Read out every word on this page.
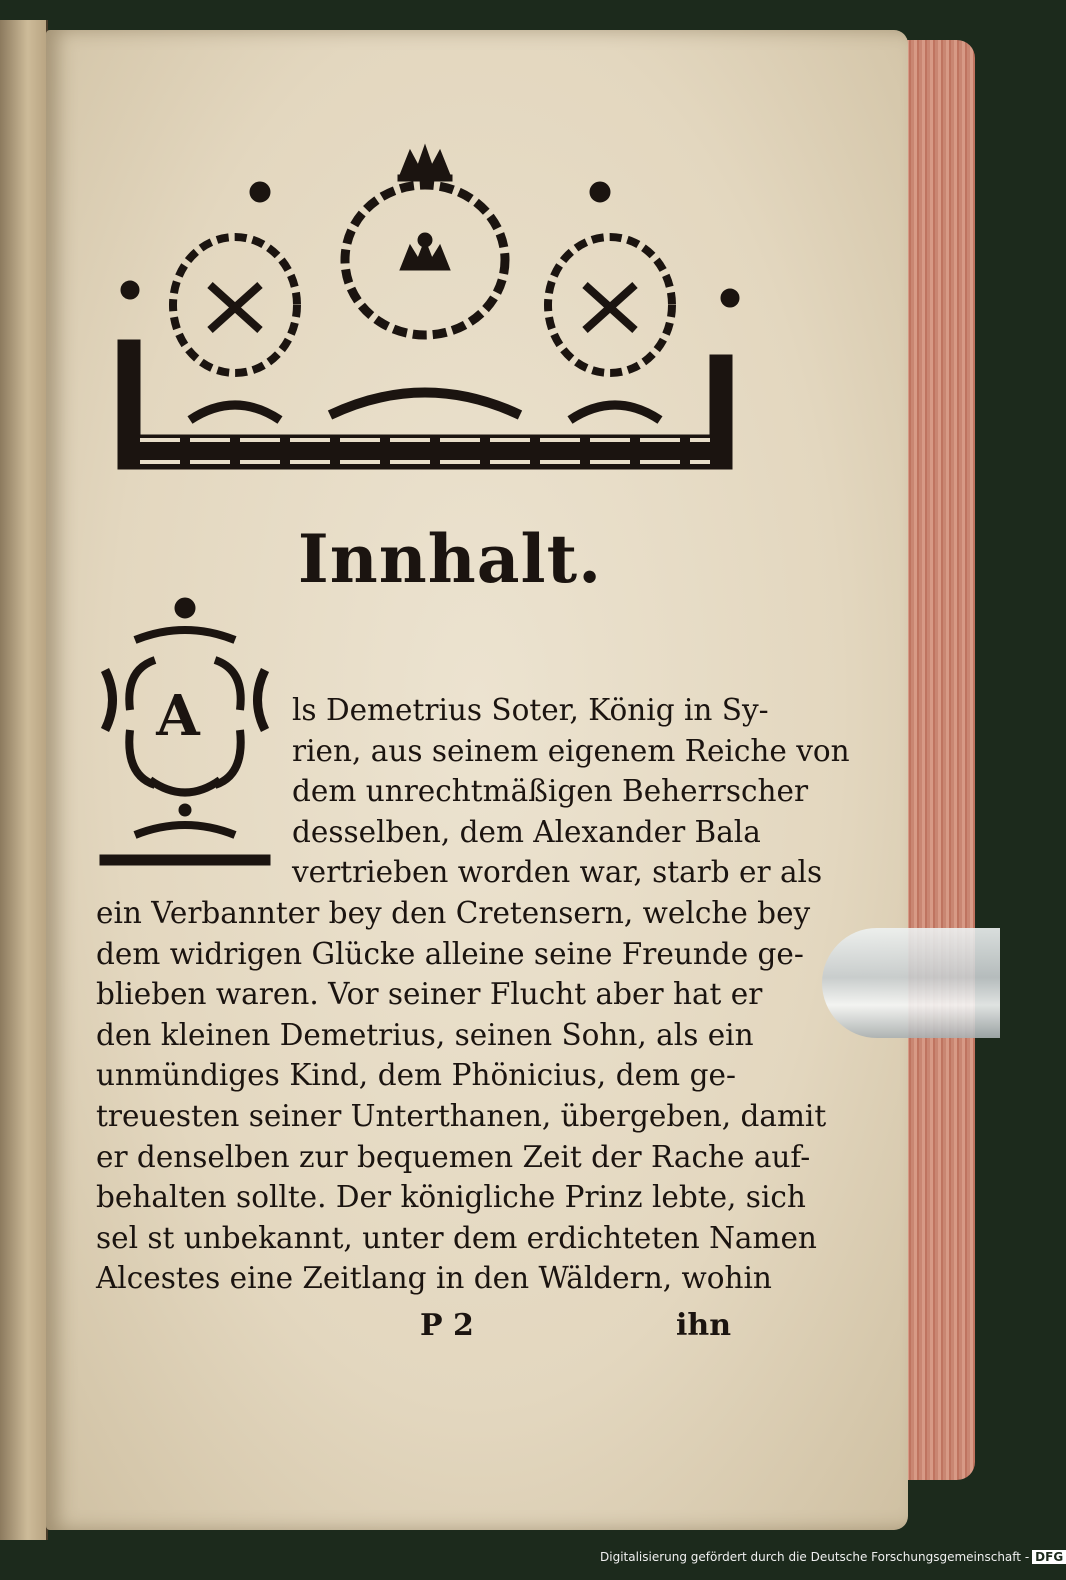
Innhalt.
A	ls Demetrius Soter, König in Sy-
rien, aus seinem eigenem Reiche von
dem unrechtmäßigen Beherrscher
desselben, dem Alexander Bala
vertrieben worden war, starb er als
ein Verbannter bey den Cretensern, welche bey
dem widrigen Glücke alleine seine Freunde ge-
blieben waren. Vor seiner Flucht aber hat er
den kleinen Demetrius, seinen Sohn, als ein
unmündiges Kind, dem Phönicius, dem ge-
treuesten seiner Unterthanen, übergeben, damit
er denselben zur bequemen Zeit der Rache auf-
behalten sollte. Der königliche Prinz lebte, sich
sel st unbekannt, unter dem erdichteten Namen
Alcestes eine Zeitlang in den Wäldern, wohin
P 2	ihn
Digitalisierung gefördert durch die Deutsche Forschungsgemeinschaft - DFG
